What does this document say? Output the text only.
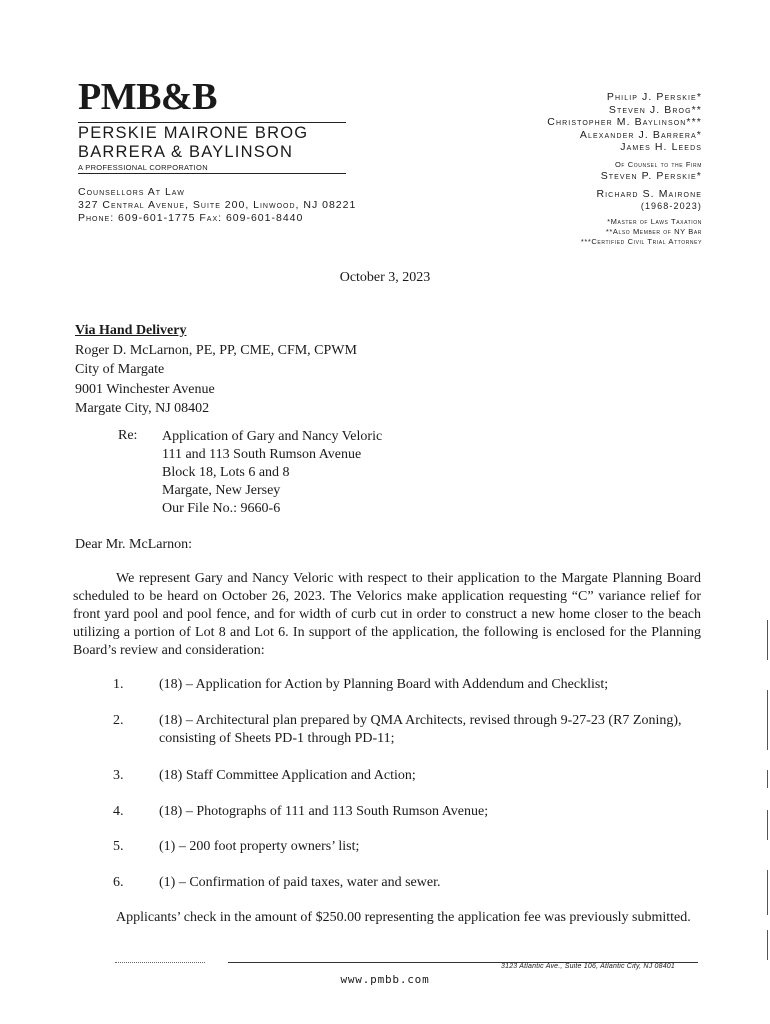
PMB&B
PERSKIE MAIRONE BROG
BARRERA & BAYLINSON
A PROFESSIONAL CORPORATION
Counsellors At Law
327 Central Avenue, Suite 200, Linwood, NJ 08221
Phone: 609-601-1775 Fax: 609-601-8440
Philip J. Perskie*
Steven J. Brog**
Christopher M. Baylinson***
Alexander J. Barrera*
James H. Leeds
Of Counsel to the Firm
Steven P. Perskie*
Richard S. Mairone
(1968-2023)
*Master of Laws Taxation
**Also Member of NY Bar
***Certified Civil Trial Attorney
October 3, 2023
Via Hand Delivery
Roger D. McLarnon, PE, PP, CME, CFM, CPWM
City of Margate
9001 Winchester Avenue
Margate City, NJ 08402
Re: Application of Gary and Nancy Veloric
111 and 113 South Rumson Avenue
Block 18, Lots 6 and 8
Margate, New Jersey
Our File No.: 9660-6
Dear Mr. McLarnon:
We represent Gary and Nancy Veloric with respect to their application to the Margate Planning Board scheduled to be heard on October 26, 2023. The Velorics make application requesting “C” variance relief for front yard pool and pool fence, and for width of curb cut in order to construct a new home closer to the beach utilizing a portion of Lot 8 and Lot 6. In support of the application, the following is enclosed for the Planning Board’s review and consideration:
1.	(18) – Application for Action by Planning Board with Addendum and Checklist;
2.	(18) – Architectural plan prepared by QMA Architects, revised through 9-27-23 (R7 Zoning), consisting of Sheets PD-1 through PD-11;
3.	(18) Staff Committee Application and Action;
4.	(18) – Photographs of 111 and 113 South Rumson Avenue;
5.	(1) – 200 foot property owners’ list;
6.	(1) – Confirmation of paid taxes, water and sewer.
Applicants’ check in the amount of $250.00 representing the application fee was previously submitted.
3123 Atlantic Ave., Suite 106, Atlantic City, NJ 08401
www.pmbb.com
